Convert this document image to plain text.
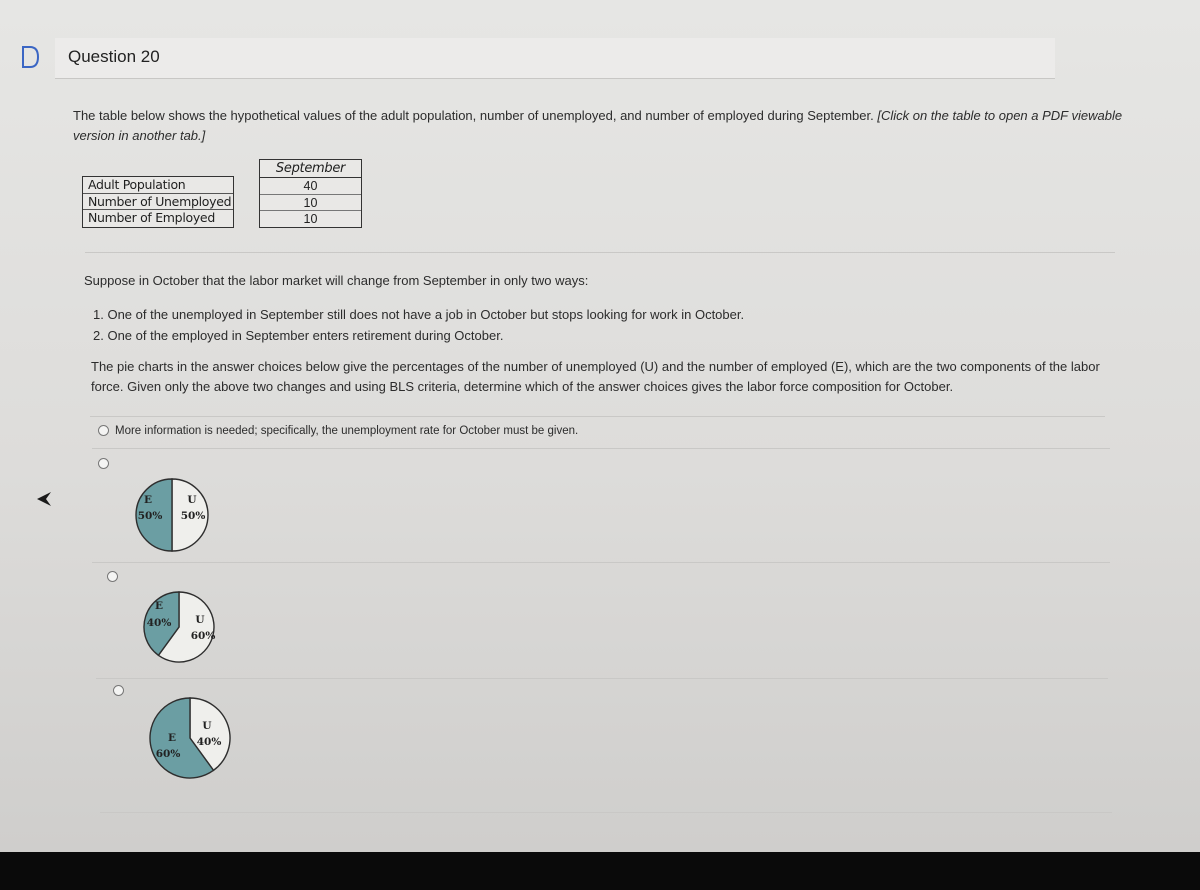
Question 20
The table below shows the hypothetical values of the adult population, number of unemployed, and number of employed during September. [Click on the table to open a PDF viewable version in another tab.]
Adult Population
Number of Unemployed
Number of Employed
September
40
10
10
Suppose in October that the labor market will change from September in only two ways:
1. One of the unemployed in September still does not have a job in October but stops looking for work in October.
2. One of the employed in September enters retirement during October.
The pie charts in the answer choices below give the percentages of the number of unemployed (U) and the number of employed (E), which are the two components of the labor force. Given only the above two changes and using BLS criteria, determine which of the answer choices gives the labor force composition for October.
More information is needed; specifically, the unemployment rate for October must be given.
E
50%
U
50%
E
40% U
60%
E
60%
U
40%
